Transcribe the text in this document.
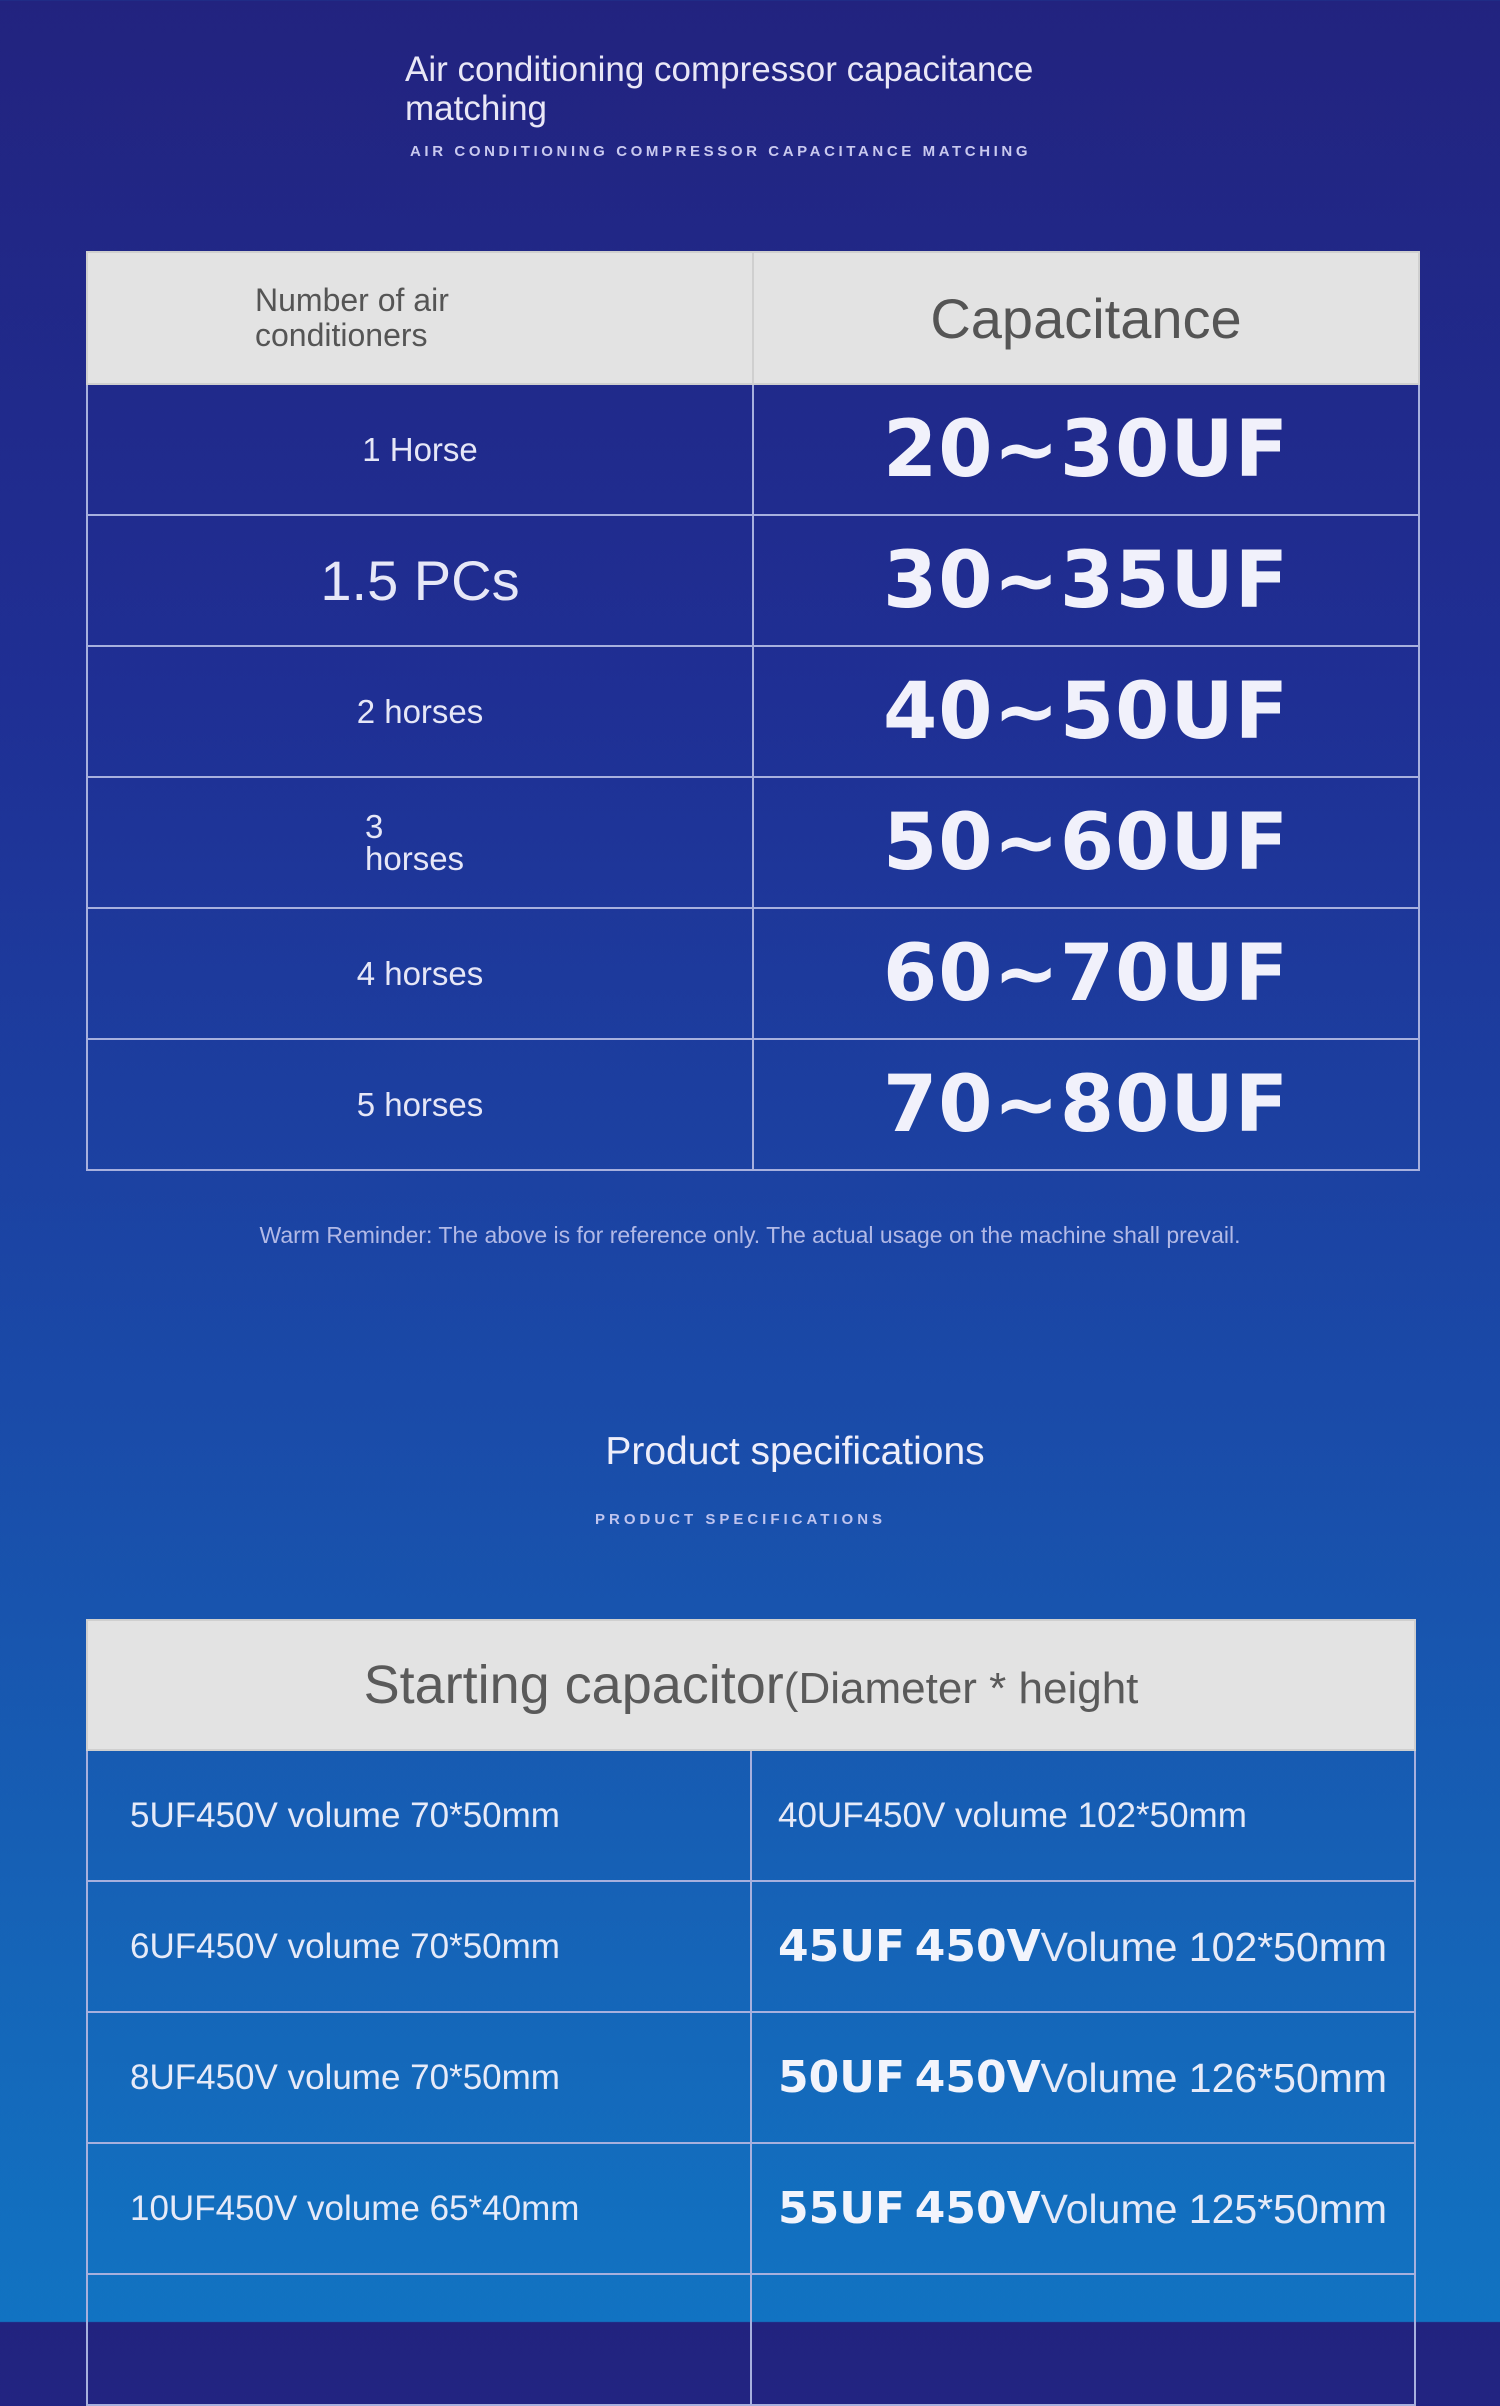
Air conditioning compressor capacitance matching
AIR CONDITIONING COMPRESSOR CAPACITANCE MATCHING
Number of air conditioners	Capacitance
1 Horse	20~30UF
1.5 PCs	30~35UF
2 horses	40~50UF
3 horses	50~60UF
4 horses	60~70UF
5 horses	70~80UF
Warm Reminder: The above is for reference only. The actual usage on the machine shall prevail.
Product specifications
PRODUCT SPECIFICATIONS
Starting capacitor(Diameter * height	
5UF450V volume 70*50mm	40UF450V volume 102*50mm
6UF450V volume 70*50mm	45UF 450VVolume 102*50mm
8UF450V volume 70*50mm	50UF 450VVolume 126*50mm
10UF450V volume 65*40mm	55UF 450VVolume 125*50mm
